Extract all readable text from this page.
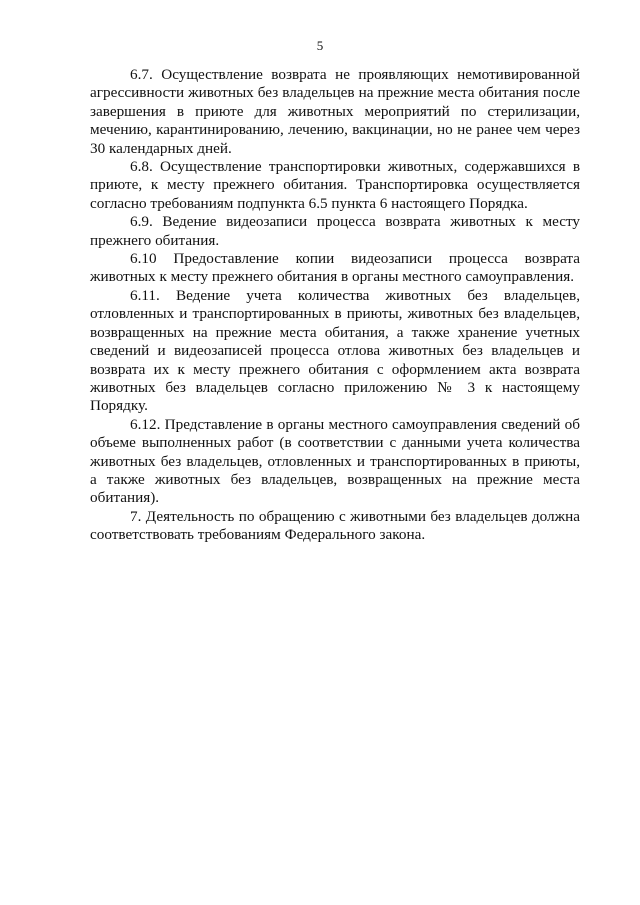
5

6.7. Осуществление возврата не проявляющих немотивированной агрессивности животных без владельцев на прежние места обитания после завершения в приюте для животных мероприятий по стерилизации, мечению, карантинированию, лечению, вакцинации, но не ранее чем через 30 календарных дней.

6.8. Осуществление транспортировки животных, содержавшихся в приюте, к месту прежнего обитания. Транспортировка осуществляется согласно требованиям подпункта 6.5 пункта 6 настоящего Порядка.

6.9. Ведение видеозаписи процесса возврата животных к месту прежнего обитания.

6.10 Предоставление копии видеозаписи процесса возврата животных к месту прежнего обитания в органы местного самоуправления.

6.11. Ведение учета количества животных без владельцев, отловленных и транспортированных в приюты, животных без владельцев, возвращенных на прежние места обитания, а также хранение учетных сведений и видеозаписей процесса отлова животных без владельцев и возврата их к месту прежнего обитания с оформлением акта возврата животных без владельцев согласно приложению № 3 к настоящему Порядку.

6.12. Представление в органы местного самоуправления сведений об объеме выполненных работ (в соответствии с данными учета количества животных без владельцев, отловленных и транспортированных в приюты, а также животных без владельцев, возвращенных на прежние места обитания).

7. Деятельность по обращению с животными без владельцев должна соответствовать требованиям Федерального закона.
